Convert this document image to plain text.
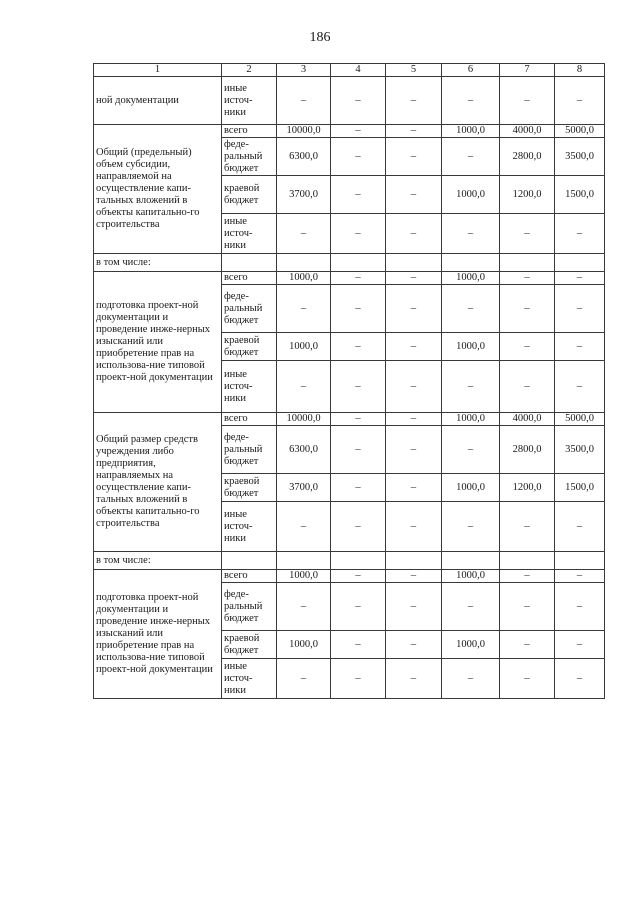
186
1	2	3	4	5	6	7	8
ной документации	иные источ-ники	–	–	–	–	–	–
Общий (предельный) объем субсидии, направляемой на осуществление капи-тальных вложений в объекты капитально-го строительства	всего	10000,0	–	–	1000,0	4000,0	5000,0
	феде-ральный бюджет	6300,0	–	–	–	2800,0	3500,0
	краевой бюджет	3700,0	–	–	1000,0	1200,0	1500,0
	иные источ-ники	–	–	–	–	–	–
в том числе:							
подготовка проект-ной документации и проведение инже-нерных изысканий или приобретение прав на использова-ние типовой проект-ной документации	всего	1000,0	–	–	1000,0	–	–
	феде-ральный бюджет	–	–	–	–	–	–
	краевой бюджет	1000,0	–	–	1000,0	–	–
	иные источ-ники	–	–	–	–	–	–
Общий размер средств учреждения либо предприятия, направляемых на осуществление капи-тальных вложений в объекты капитально-го строительства	всего	10000,0	–	–	1000,0	4000,0	5000,0
	феде-ральный бюджет	6300,0	–	–	–	2800,0	3500,0
	краевой бюджет	3700,0	–	–	1000,0	1200,0	1500,0
	иные источ-ники	–	–	–	–	–	–
в том числе:							
подготовка проект-ной документации и проведение инже-нерных изысканий или приобретение прав на использова-ние типовой проект-ной документации	всего	1000,0	–	–	1000,0	–	–
	феде-ральный бюджет	–	–	–	–	–	–
	краевой бюджет	1000,0	–	–	1000,0	–	–
	иные источ-ники	–	–	–	–	–	–
